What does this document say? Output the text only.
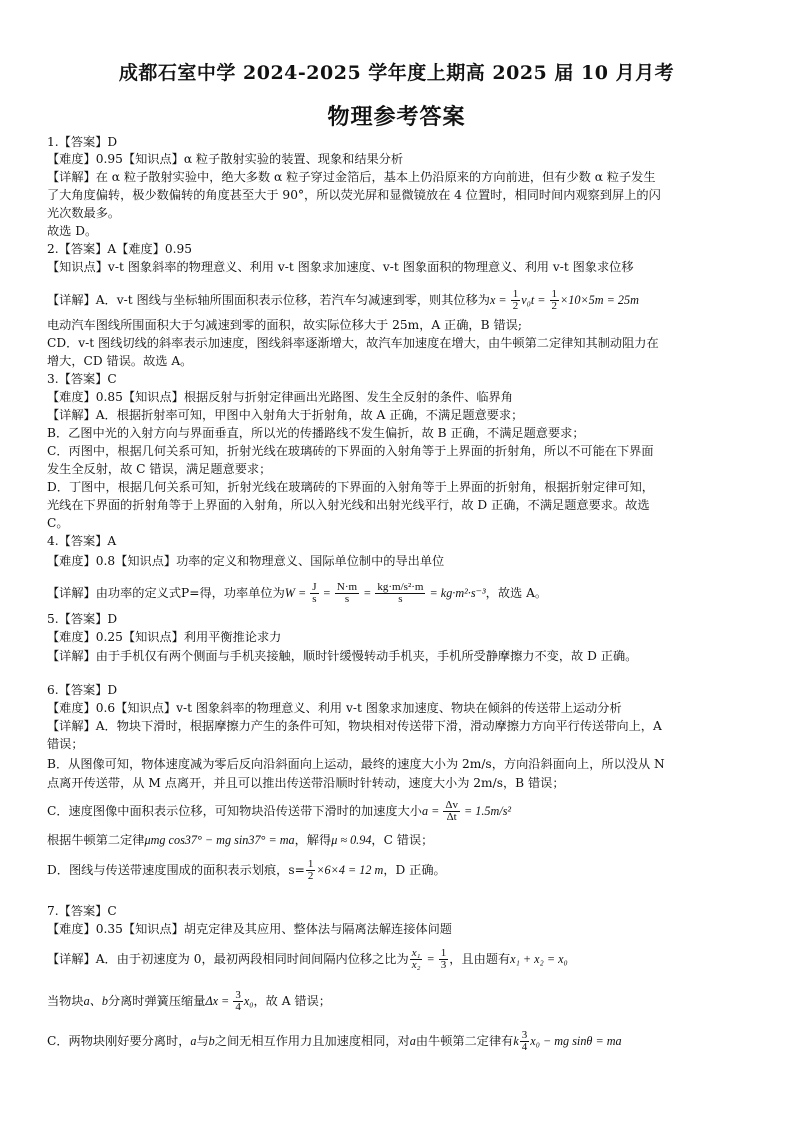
成都石室中学 2024-2025 学年度上期高 2025 届 10 月月考
物理参考答案
1.【答案】D
【难度】0.95【知识点】α 粒子散射实验的装置、现象和结果分析
【详解】在 α 粒子散射实验中，绝大多数 α 粒子穿过金箔后，基本上仍沿原来的方向前进，但有少数 α 粒子发生
了大角度偏转，极少数偏转的角度甚至大于 90°，所以荧光屏和显微镜放在 4 位置时，相同时间内观察到屏上的闪
光次数最多。
故选 D。
2.【答案】A【难度】0.95
【知识点】v-t 图象斜率的物理意义、利用 v-t 图象求加速度、v-t 图象面积的物理意义、利用 v-t 图象求位移
【详解】A．v-t 图线与坐标轴所围面积表示位移，若汽车匀减速到零，则其位移为$x = \frac{1}{2} v_0t = \frac{1}{2} \times 10\times 5m = 25m$
电动汽车图线所围面积大于匀减速到零的面积，故实际位移大于 25m，A 正确，B 错误;
CD．v-t 图线切线的斜率表示加速度，图线斜率逐渐增大，故汽车加速度在增大，由牛顿第二定律知其制动阻力在
增大，CD 错误。故选 A。
3.【答案】C
【难度】0.85【知识点】根据反射与折射定律画出光路图、发生全反射的条件、临界角
【详解】A．根据折射率可知，甲图中入射角大于折射角，故 A 正确，不满足题意要求；
B．乙图中光的入射方向与界面垂直，所以光的传播路线不发生偏折，故 B 正确，不满足题意要求；
C．丙图中，根据几何关系可知，折射光线在玻璃砖的下界面的入射角等于上界面的折射角，所以不可能在下界面
发生全反射，故 C 错误，满足题意要求；
D．丁图中，根据几何关系可知，折射光线在玻璃砖的下界面的入射角等于上界面的折射角，根据折射定律可知，
光线在下界面的折射角等于上界面的入射角，所以入射光线和出射光线平行，故 D 正确，不满足题意要求。故选
C。
4.【答案】A
【难度】0.8【知识点】功率的定义和物理意义、国际单位制中的导出单位
【详解】由功率的定义式P=得，功率单位为$W = \frac{J}{s} = \frac{N\cdot m}{s} = \frac{\text{kg·m/s²·m}}{s} = kg\cdot m^2\cdot s^{-3}$，故选 A。
5.【答案】D
【难度】0.25【知识点】利用平衡推论求力
【详解】由于手机仅有两个侧面与手机夹接触，顺时针缓慢转动手机夹，手机所受静摩擦力不变，故 D 正确。
6.【答案】D
【难度】0.6【知识点】v-t 图象斜率的物理意义、利用 v-t 图象求加速度、物块在倾斜的传送带上运动分析
【详解】A．物块下滑时，根据摩擦力产生的条件可知，物块相对传送带下滑，滑动摩擦力方向平行传送带向上，A
错误；
B．从图像可知，物体速度减为零后反向沿斜面向上运动，最终的速度大小为 2m/s，方向沿斜面向上，所以没从 N
点离开传送带，从 M 点离开，并且可以推出传送带沿顺时针转动，速度大小为 2m/s，B 错误；
C．速度图像中面积表示位移，可知物块沿传送带下滑时的加速度大小$a = \frac{\Delta v}{\Delta t} = 1.5m/s^2$
根据牛顿第二定律μmg cos37° − mg sin37° = ma，解得μ ≈ 0.94，C 错误；
D．图线与传送带速度围成的面积表示划痕，$s= \frac{1}{2} \times 6\times 4 = 12$ m，D 正确。
7.【答案】C
【难度】0.35【知识点】胡克定律及其应用、整体法与隔离法解连接体问题
【详解】A．由于初速度为 0，最初两段相同时间间隔内位移之比为 $\frac{\text{x₁}}{\text{x₂}} = \frac{1}{3}$ ，且由题有x₁ + x₂ = x₀
当物块a、b分离时弹簧压缩量$\Delta x = \frac{3}{4} x_0$，故 A 错误；
C．两物块刚好要分离时，a与b之间无相互作用力且加速度相同，对a由牛顿第二定律有k $\frac{3}{4} x_0$ − mg sinθ = ma
